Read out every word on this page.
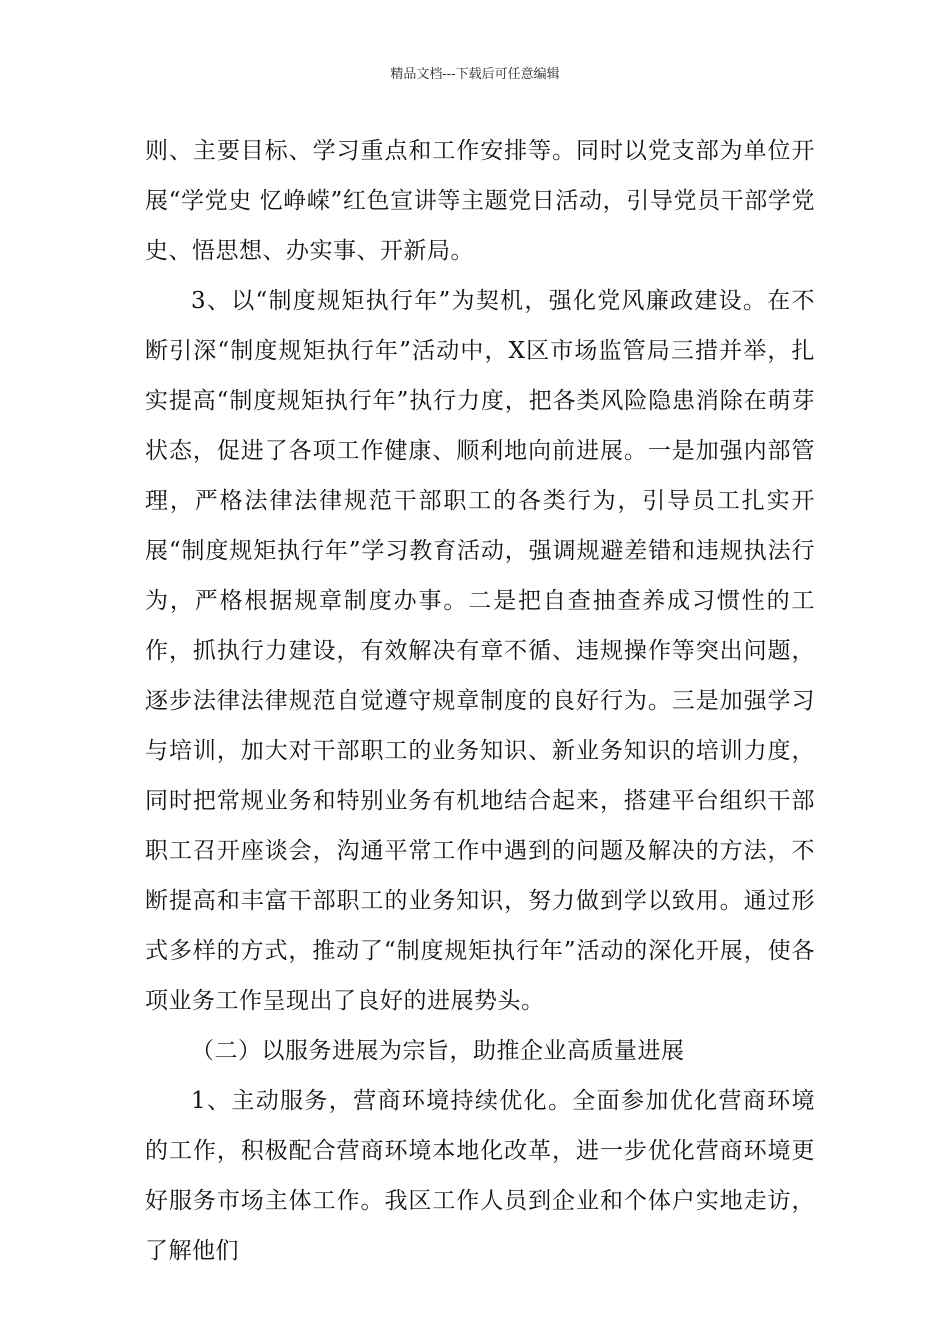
精品文档---下载后可任意编辑

则、主要目标、学习重点和工作安排等。同时以党支部为单位开展“学党史 忆峥嵘”红色宣讲等主题党日活动，引导党员干部学党史、悟思想、办实事、开新局。

3、以“制度规矩执行年”为契机，强化党风廉政建设。在不断引深“制度规矩执行年”活动中，X区市场监管局三措并举，扎实提高“制度规矩执行年”执行力度，把各类风险隐患消除在萌芽状态，促进了各项工作健康、顺利地向前进展。一是加强内部管理，严格法律法律规范干部职工的各类行为，引导员工扎实开展“制度规矩执行年”学习教育活动，强调规避差错和违规执法行为，严格根据规章制度办事。二是把自查抽查养成习惯性的工作，抓执行力建设，有效解决有章不循、违规操作等突出问题，逐步法律法律规范自觉遵守规章制度的良好行为。三是加强学习与培训，加大对干部职工的业务知识、新业务知识的培训力度，同时把常规业务和特别业务有机地结合起来，搭建平台组织干部职工召开座谈会，沟通平常工作中遇到的问题及解决的方法，不断提高和丰富干部职工的业务知识，努力做到学以致用。通过形式多样的方式，推动了“制度规矩执行年”活动的深化开展，使各项业务工作呈现出了良好的进展势头。

（二）以服务进展为宗旨，助推企业高质量进展

1、主动服务，营商环境持续优化。全面参加优化营商环境的工作，积极配合营商环境本地化改革，进一步优化营商环境更好服务市场主体工作。我区工作人员到企业和个体户实地走访，了解他们
